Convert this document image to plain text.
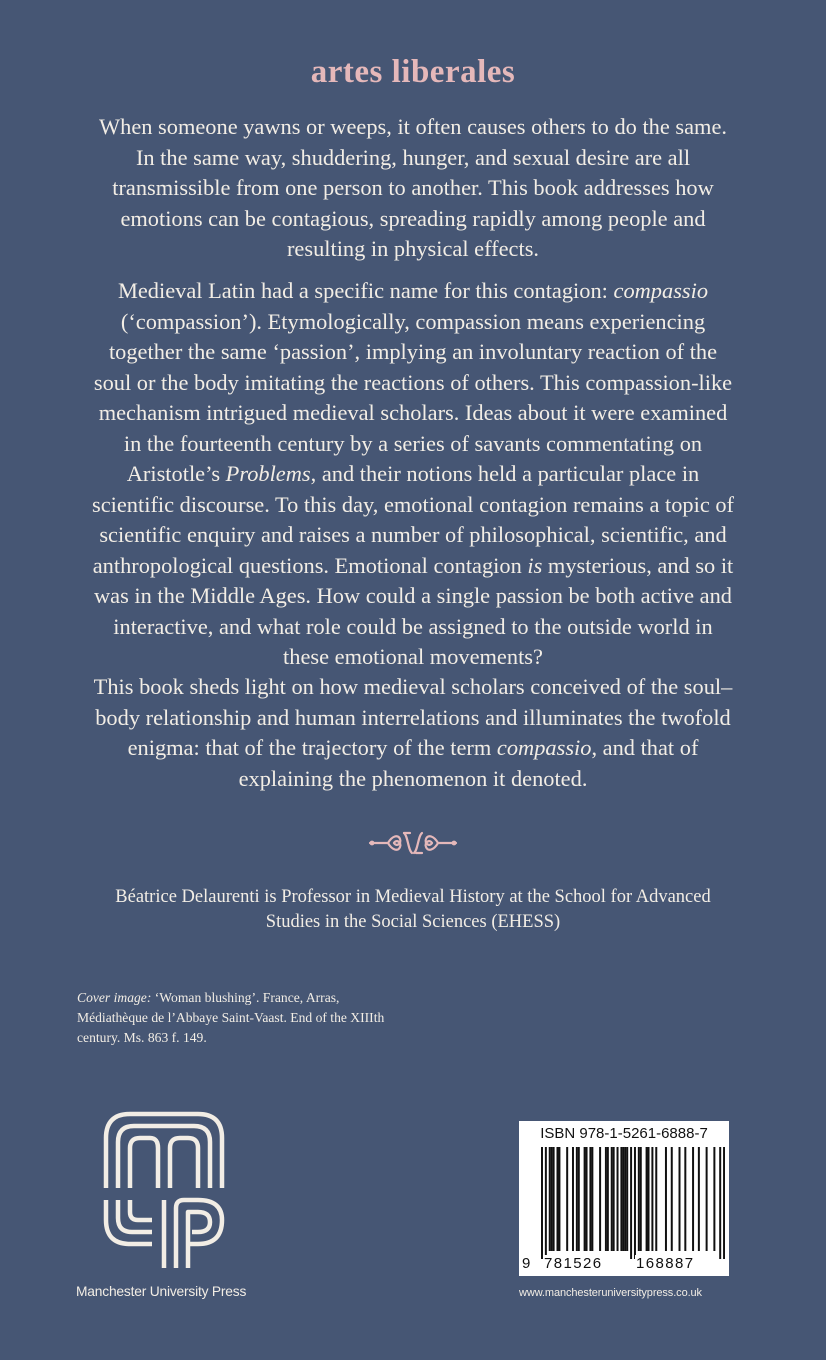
artes liberales

When someone yawns or weeps, it often causes others to do the same. In the same way, shuddering, hunger, and sexual desire are all transmissible from one person to another. This book addresses how emotions can be contagious, spreading rapidly among people and resulting in physical effects.

Medieval Latin had a specific name for this contagion: compassio (‘compassion’). Etymologically, compassion means experiencing together the same ‘passion’, implying an involuntary reaction of the soul or the body imitating the reactions of others. This compassion-like mechanism intrigued medieval scholars. Ideas about it were examined in the fourteenth century by a series of savants commentating on Aristotle’s Problems, and their notions held a particular place in scientific discourse. To this day, emotional contagion remains a topic of scientific enquiry and raises a number of philosophical, scientific, and anthropological questions. Emotional contagion is mysterious, and so it was in the Middle Ages. How could a single passion be both active and interactive, and what role could be assigned to the outside world in these emotional movements?

This book sheds light on how medieval scholars conceived of the soul–body relationship and human interrelations and illuminates the twofold enigma: that of the trajectory of the term compassio, and that of explaining the phenomenon it denoted.

Béatrice Delaurenti is Professor in Medieval History at the School for Advanced Studies in the Social Sciences (EHESS)

Cover image: ‘Woman blushing’. France, Arras, Médiathèque de l’Abbaye Saint-Vaast. End of the XIIIth century. Ms. 863 f. 149.

Manchester University Press
ISBN 978-1-5261-6888-7
9 781526 168887
www.manchesteruniversitypress.co.uk
